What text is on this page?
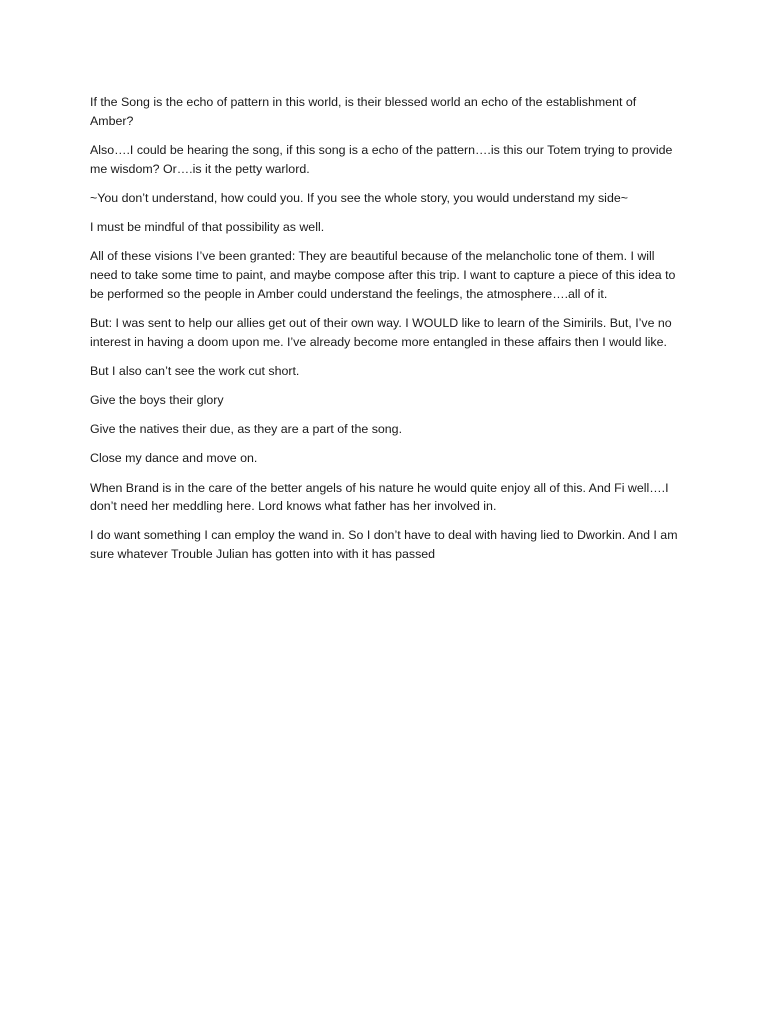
If the Song is the echo of pattern in this world, is their blessed world an echo of the establishment of Amber?

Also….I could be hearing the song, if this song is a echo of the pattern….is this our Totem trying to provide me wisdom? Or….is it the petty warlord.

~You don’t understand, how could you. If you see the whole story, you would understand my side~

I must be mindful of that possibility as well.

All of these visions I’ve been granted: They are beautiful because of the melancholic tone of them. I will need to take some time to paint, and maybe compose after this trip. I want to capture a piece of this idea to be performed so the people in Amber could understand the feelings, the atmosphere….all of it.

But: I was sent to help our allies get out of their own way. I WOULD like to learn of the Simirils. But, I’ve no interest in having a doom upon me. I’ve already become more entangled in these affairs then I would like.

But I also can’t see the work cut short.

Give the boys their glory

Give the natives their due, as they are a part of the song.

Close my dance and move on.

When Brand is in the care of the better angels of his nature he would quite enjoy all of this. And Fi well….I don’t need her meddling here. Lord knows what father has her involved in.

I do want something I can employ the wand in. So I don’t have to deal with having lied to Dworkin. And I am sure whatever Trouble Julian has gotten into with it has passed
